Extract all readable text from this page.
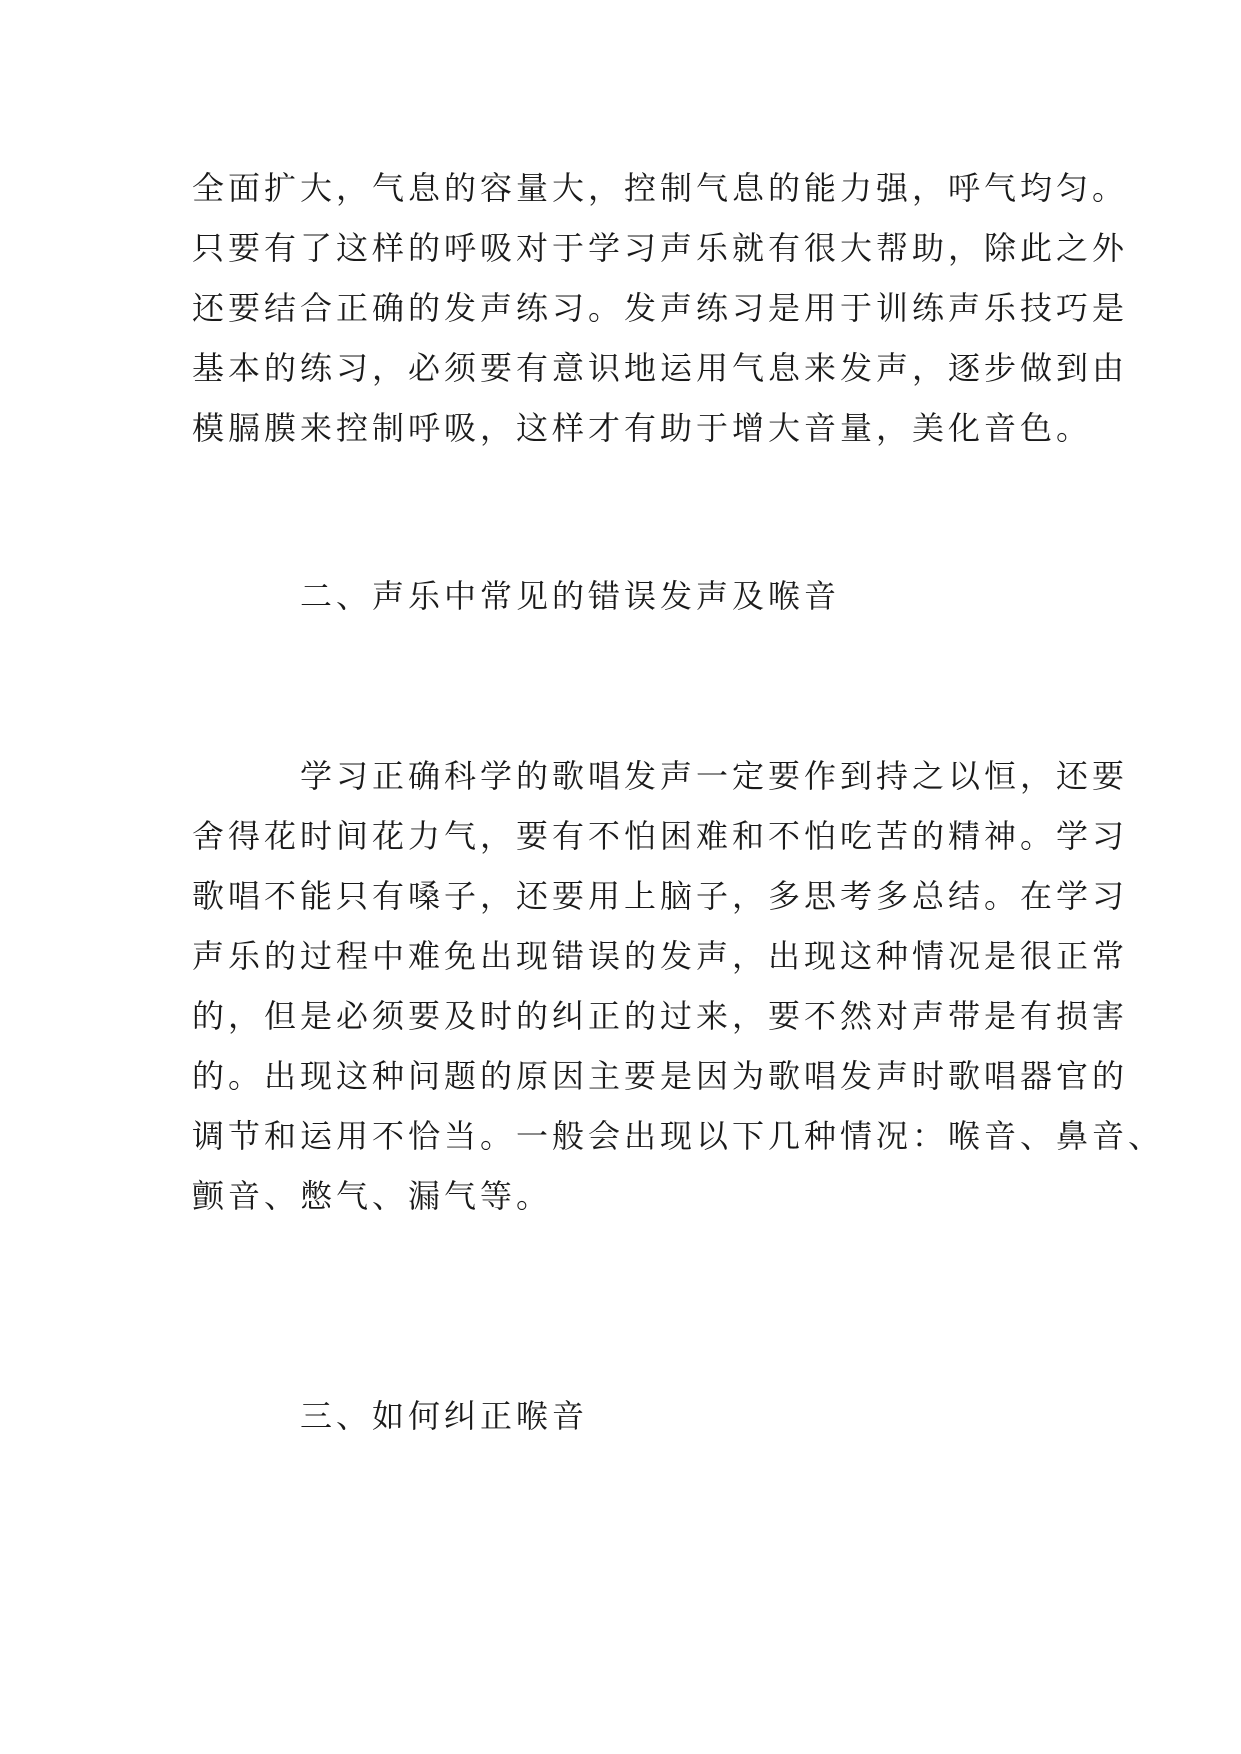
全面扩大，气息的容量大，控制气息的能力强，呼气均匀。
只要有了这样的呼吸对于学习声乐就有很大帮助，除此之外
还要结合正确的发声练习。发声练习是用于训练声乐技巧是
基本的练习，必须要有意识地运用气息来发声，逐步做到由
模膈膜来控制呼吸，这样才有助于增大音量，美化音色。
二、声乐中常见的错误发声及喉音
学习正确科学的歌唱发声一定要作到持之以恒，还要
舍得花时间花力气，要有不怕困难和不怕吃苦的精神。学习
歌唱不能只有嗓子，还要用上脑子，多思考多总结。在学习
声乐的过程中难免出现错误的发声，出现这种情况是很正常
的，但是必须要及时的纠正的过来，要不然对声带是有损害
的。出现这种问题的原因主要是因为歌唱发声时歌唱器官的
调节和运用不恰当。一般会出现以下几种情况：喉音、鼻音、
颤音、憋气、漏气等。
三、如何纠正喉音
